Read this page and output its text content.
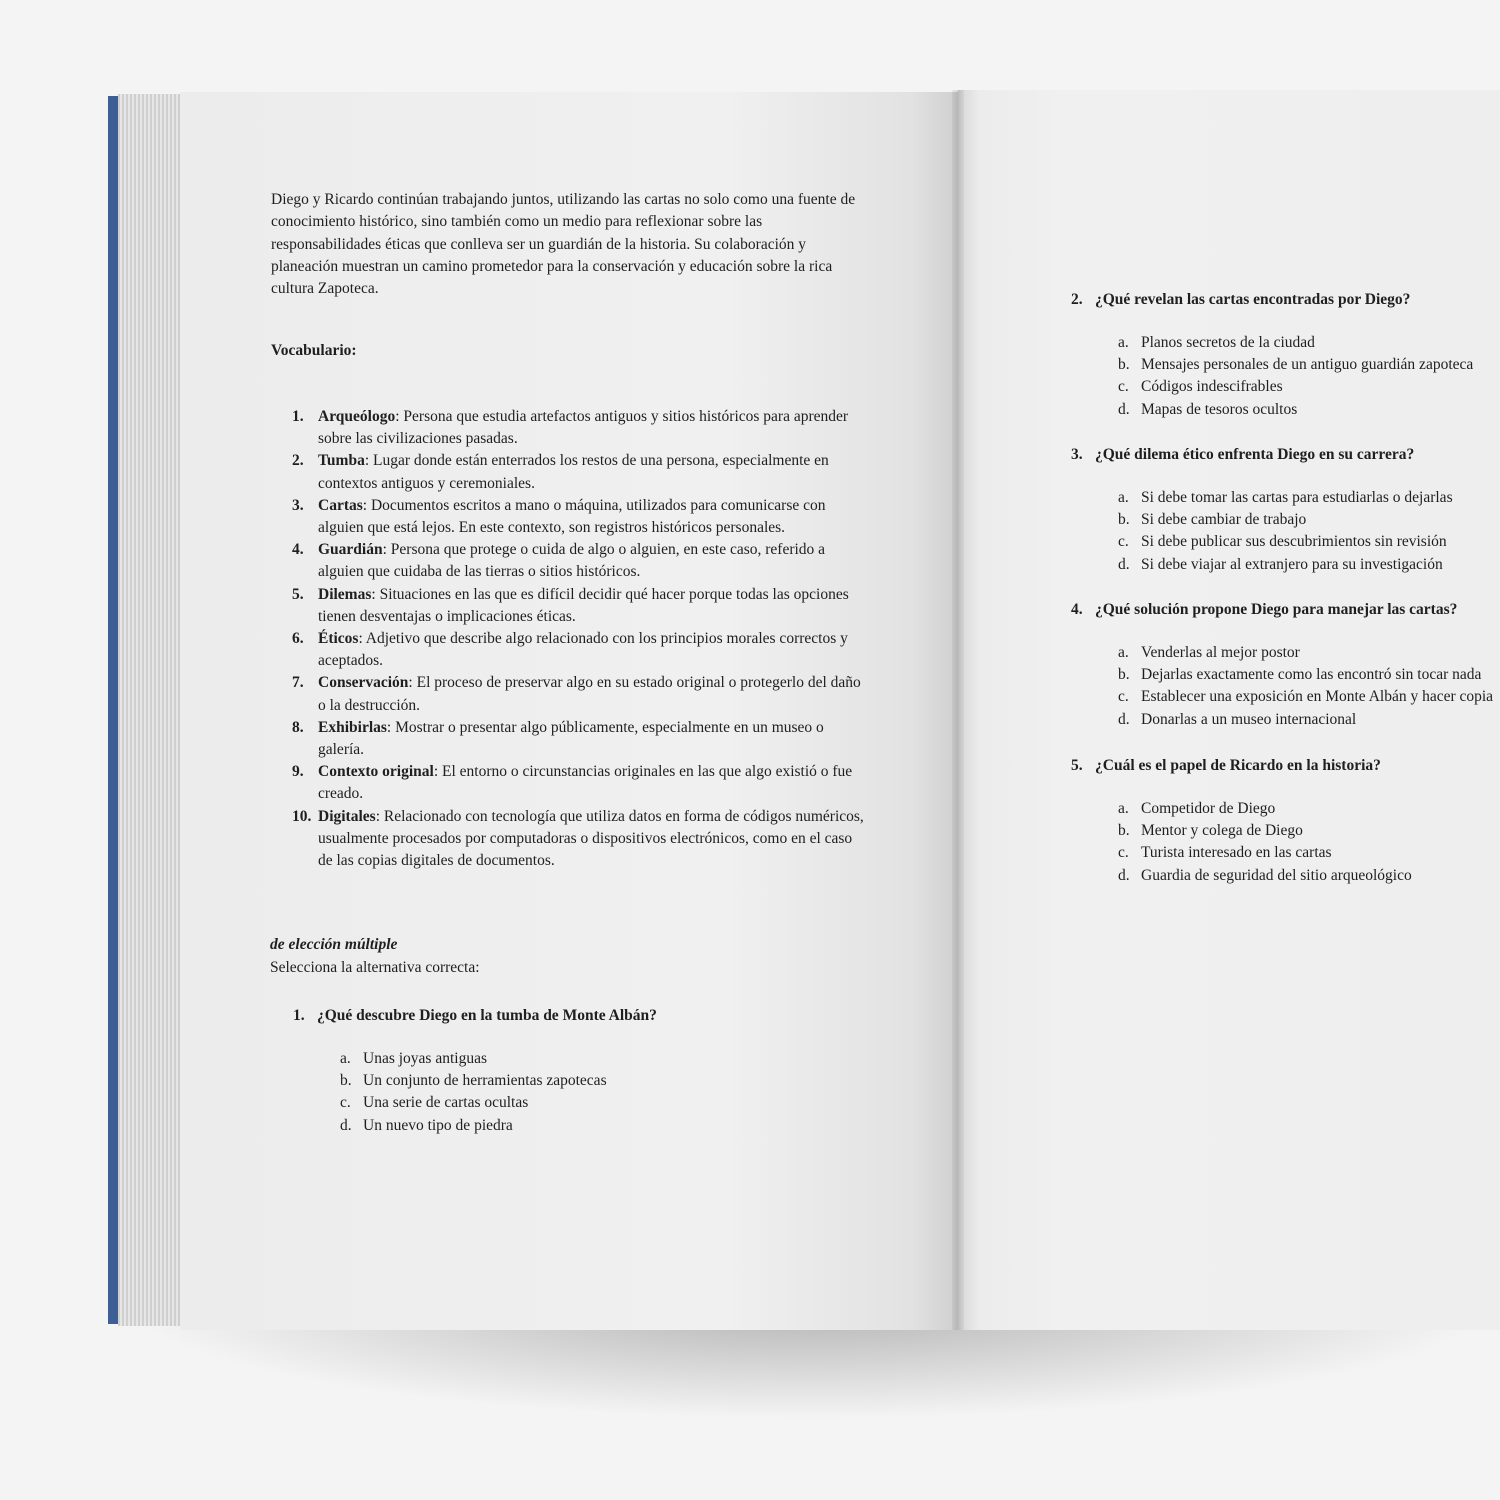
2. ¿Qué revelan las cartas encontradas por Diego?
a. Planos secretos de la ciudad
b. Mensajes personales de un antiguo guardián zapoteca
c. Códigos indescifrables
d. Mapas de tesoros ocultos
3. ¿Qué dilema ético enfrenta Diego en su carrera?
a. Si debe tomar las cartas para estudiarlas o dejarlas
b. Si debe cambiar de trabajo
c. Si debe publicar sus descubrimientos sin revisión
d. Si debe viajar al extranjero para su investigación
4. ¿Qué solución propone Diego para manejar las cartas?
a. Venderlas al mejor postor
b. Dejarlas exactamente como las encontró sin tocar nada
c. Establecer una exposición en Monte Albán y hacer copia
d. Donarlas a un museo internacional
5. ¿Cuál es el papel de Ricardo en la historia?
a. Competidor de Diego
b. Mentor y colega de Diego
c. Turista interesado en las cartas
d. Guardia de seguridad del sitio arqueológico

Diego y Ricardo continúan trabajando juntos, utilizando las cartas no solo como una fuente de conocimiento histórico, sino también como un medio para reflexionar sobre las responsabilidades éticas que conlleva ser un guardián de la historia. Su colaboración y planeación muestran un camino prometedor para la conservación y educación sobre la rica cultura Zapoteca.

Vocabulario:

1. Arqueólogo: Persona que estudia artefactos antiguos y sitios históricos para aprender sobre las civilizaciones pasadas.
2. Tumba: Lugar donde están enterrados los restos de una persona, especialmente en contextos antiguos y ceremoniales.
3. Cartas: Documentos escritos a mano o máquina, utilizados para comunicarse con alguien que está lejos. En este contexto, son registros históricos personales.
4. Guardián: Persona que protege o cuida de algo o alguien, en este caso, referido a alguien que cuidaba de las tierras o sitios históricos.
5. Dilemas: Situaciones en las que es difícil decidir qué hacer porque todas las opciones tienen desventajas o implicaciones éticas.
6. Éticos: Adjetivo que describe algo relacionado con los principios morales correctos y aceptados.
7. Conservación: El proceso de preservar algo en su estado original o protegerlo del daño o la destrucción.
8. Exhibirlas: Mostrar o presentar algo públicamente, especialmente en un museo o galería.
9. Contexto original: El entorno o circunstancias originales en las que algo existió o fue creado.
10. Digitales: Relacionado con tecnología que utiliza datos en forma de códigos numéricos, usualmente procesados por computadoras o dispositivos electrónicos, como en el caso de las copias digitales de documentos.

de elección múltiple

Selecciona la alternativa correcta:

1. ¿Qué descubre Diego en la tumba de Monte Albán?
a. Unas joyas antiguas
b. Un conjunto de herramientas zapotecas
c. Una serie de cartas ocultas
d. Un nuevo tipo de piedra
